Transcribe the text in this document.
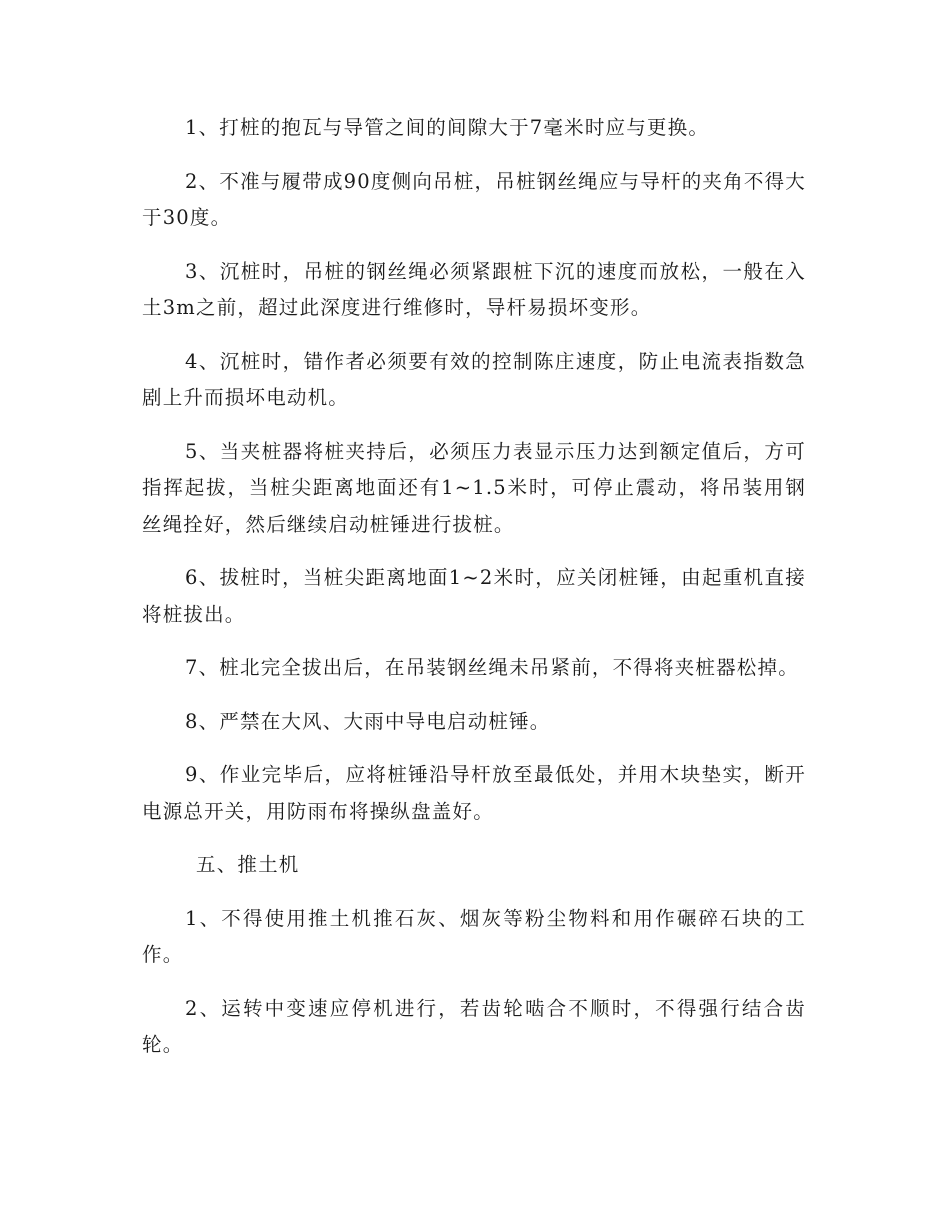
1、打桩的抱瓦与导管之间的间隙大于7毫米时应与更换。

2、不准与履带成90度侧向吊桩，吊桩钢丝绳应与导杆的夹角不得大于30度。

3、沉桩时，吊桩的钢丝绳必须紧跟桩下沉的速度而放松，一般在入土3m之前，超过此深度进行维修时，导杆易损坏变形。

4、沉桩时，错作者必须要有效的控制陈庄速度，防止电流表指数急剧上升而损坏电动机。

5、当夹桩器将桩夹持后，必须压力表显示压力达到额定值后，方可指挥起拔，当桩尖距离地面还有1~1.5米时，可停止震动，将吊装用钢丝绳拴好，然后继续启动桩锤进行拔桩。

6、拔桩时，当桩尖距离地面1~2米时，应关闭桩锤，由起重机直接将桩拔出。

7、桩北完全拔出后，在吊装钢丝绳未吊紧前，不得将夹桩器松掉。

8、严禁在大风、大雨中导电启动桩锤。

9、作业完毕后，应将桩锤沿导杆放至最低处，并用木块垫实，断开电源总开关，用防雨布将操纵盘盖好。

五、推土机

1、不得使用推土机推石灰、烟灰等粉尘物料和用作碾碎石块的工作。

2、运转中变速应停机进行，若齿轮啮合不顺时，不得强行结合齿轮。
